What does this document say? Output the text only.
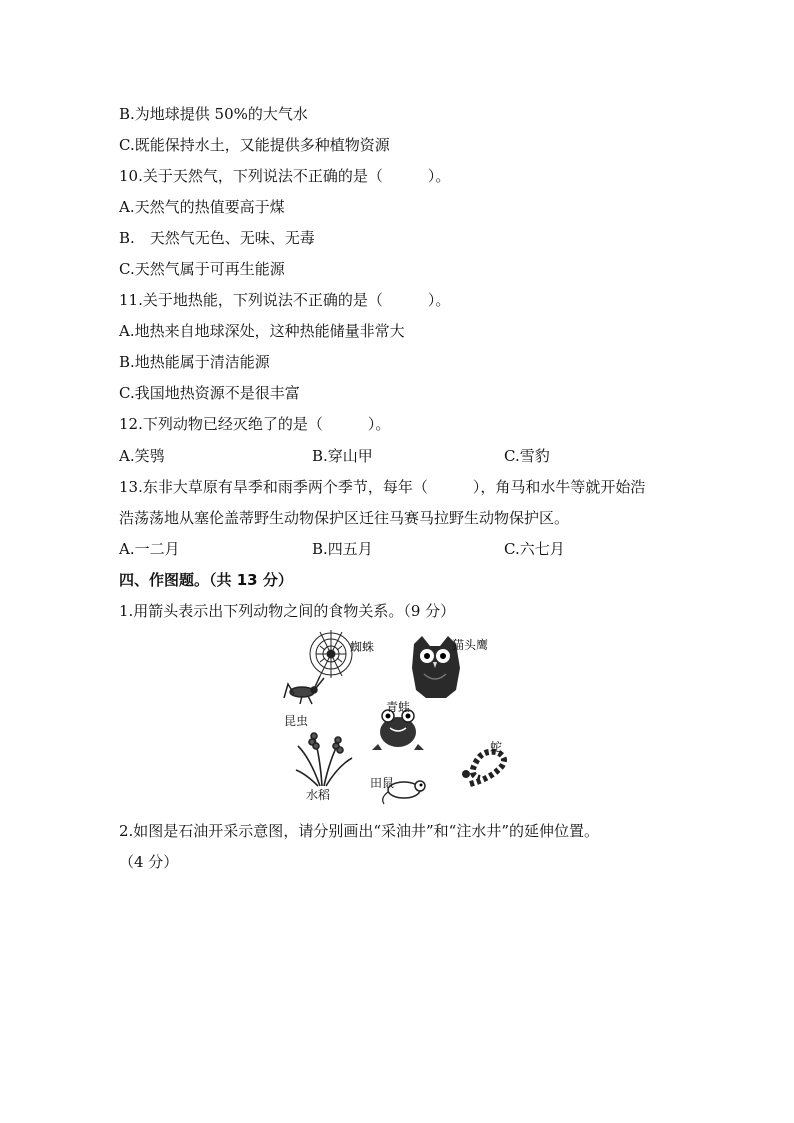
B.为地球提供 50%的大气水
C.既能保持水土，又能提供多种植物资源
10.关于天然气，下列说法不正确的是（　　　）。
A.天然气的热值要高于煤
B.　天然气无色、无味、无毒
C.天然气属于可再生能源
11.关于地热能，下列说法不正确的是（　　　）。
A.地热来自地球深处，这种热能储量非常大
B.地热能属于清洁能源
C.我国地热资源不是很丰富
12.下列动物已经灭绝了的是（　　　）。
A.笑鸮	B.穿山甲	C.雪豹
13.东非大草原有旱季和雨季两个季节，每年（　　　），角马和水牛等就开始浩
浩荡荡地从塞伦盖蒂野生动物保护区迁往马赛马拉野生动物保护区。
A.一二月	B.四五月	C.六七月
四、作图题。（共 13 分）
1.用箭头表示出下列动物之间的食物关系。（9 分）
蜘蛛	猫头鹰
昆虫
青蛙
水稻
田鼠
蛇
2.如图是石油开采示意图，请分别画出“采油井”和“注水井”的延伸位置。
（4 分）
